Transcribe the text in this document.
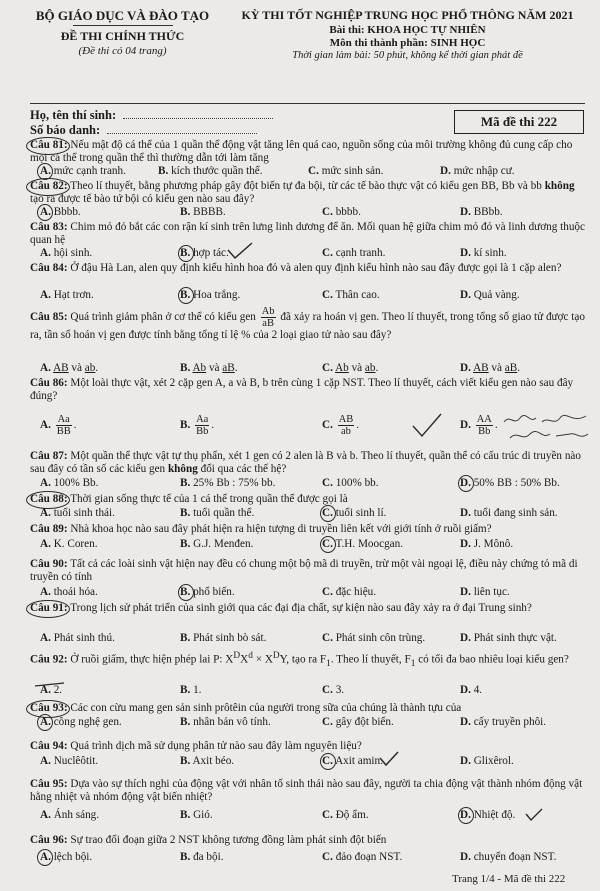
BỘ GIÁO DỤC VÀ ĐÀO TẠO
ĐỀ THI CHÍNH THỨC
(Đề thi có 04 trang)
KỲ THI TỐT NGHIỆP TRUNG HỌC PHỔ THÔNG NĂM 2021
Bài thi: KHOA HỌC TỰ NHIÊN
Môn thi thành phần: SINH HỌC
Thời gian làm bài: 50 phút, không kể thời gian phát đề
Họ, tên thí sinh:
Số báo danh:
Mã đề thi 222
Câu 81: Nếu mật độ cá thể của 1 quần thể động vật tăng lên quá cao, nguồn sống của môi trường không đủ cung cấp cho mọi cá thể trong quần thể thì thường dẫn tới làm tăng
A. mức cạnh tranh.	B. kích thước quần thể.	C. mức sinh sản.	D. mức nhập cư.
Câu 82: Theo lí thuyết, bằng phương pháp gây đột biến tự đa bội, từ các tế bào thực vật có kiểu gen BB, Bb và bb không tạo ra được tế bào tứ bội có kiểu gen nào sau đây?
A. Bbbb.	B. BBBB.	C. bbbb.	D. BBbb.
Câu 83: Chim mỏ đỏ bắt các con rận kí sinh trên lưng linh dương để ăn. Mối quan hệ giữa chim mỏ đỏ và linh dương thuộc quan hệ
A. hội sinh.	B. hợp tác.	C. cạnh tranh.	D. kí sinh.
Câu 84: Ở đậu Hà Lan, alen quy định kiểu hình hoa đỏ và alen quy định kiểu hình nào sau đây được gọi là 1 cặp alen?
A. Hạt trơn.	B. Hoa trắng.	C. Thân cao.	D. Quả vàng.
Câu 85: Quá trình giảm phân ở cơ thể có kiểu gen $\frac{Ab}{aB}$ đã xảy ra hoán vị gen. Theo lí thuyết, trong tổng số giao tử được tạo ra, tần số hoán vị gen được tính bằng tổng tỉ lệ % của 2 loại giao tử nào sau đây?
A. AB và ab.	B. Ab và aB.	C. Ab và ab.	D. AB và aB.
Câu 86: Một loài thực vật, xét 2 cặp gen A, a và B, b trên cùng 1 cặp NST. Theo lí thuyết, cách viết kiểu gen nào sau đây đúng?
A. $\frac{Aa}{BB}$ .	B. $\frac{Aa}{Bb}$ .	C. $\frac{AB}{ab}$ .	D. $\frac{AA}{Bb}$ .
Câu 87: Một quần thể thực vật tự thụ phấn, xét 1 gen có 2 alen là B và b. Theo lí thuyết, quần thể có cấu trúc di truyền nào sau đây có tần số các kiểu gen không đổi qua các thế hệ?
A. 100% Bb.	B. 25% Bb : 75% bb.	C. 100% bb.	D. 50% BB : 50% Bb.
Câu 88: Thời gian sống thực tế của 1 cá thể trong quần thể được gọi là
A. tuổi sinh thái.	B. tuổi quần thể.	C. tuổi sinh lí.	D. tuổi đang sinh sản.
Câu 89: Nhà khoa học nào sau đây phát hiện ra hiện tượng di truyền liên kết với giới tính ở ruồi giấm?
A. K. Coren.	B. G.J. Menđen.	C. T.H. Moocgan.	D. J. Mônô.
Câu 90: Tất cả các loài sinh vật hiện nay đều có chung một bộ mã di truyền, trừ một vài ngoại lệ, điều này chứng tỏ mã di truyền có tính
A. thoái hóa.	B. phổ biến.	C. đặc hiệu.	D. liên tục.
Câu 91: Trong lịch sử phát triển của sinh giới qua các đại địa chất, sự kiện nào sau đây xảy ra ở đại Trung sinh?
A. Phát sinh thú.	B. Phát sinh bò sát.	C. Phát sinh côn trùng.	D. Phát sinh thực vật.
Câu 92: Ở ruồi giấm, thực hiện phép lai P: $X^DX^d \times X^DY$, tạo ra $F_1$. Theo lí thuyết, $F_1$ có tối đa bao nhiêu loại kiểu gen?
A. 2.	B. 1.	C. 3.	D. 4.
Câu 93: Các con cừu mang gen sản sinh prôtêin của người trong sữa của chúng là thành tựu của
A. công nghệ gen.	B. nhân bản vô tính.	C. gây đột biến.	D. cấy truyền phôi.
Câu 94: Quá trình dịch mã sử dụng phân tử nào sau đây làm nguyên liệu?
A. Nuclêôtit.	B. Axit béo.	C. Axit amin.	D. Glixêrol.
Câu 95: Dựa vào sự thích nghi của động vật với nhân tố sinh thái nào sau đây, người ta chia động vật thành nhóm động vật hằng nhiệt và nhóm động vật biến nhiệt?
A. Ánh sáng.	B. Gió.	C. Độ ẩm.	D. Nhiệt độ.
Câu 96: Sự trao đổi đoạn giữa 2 NST không tương đồng làm phát sinh đột biến
A. lệch bội.	B. đa bội.	C. đảo đoạn NST.	D. chuyển đoạn NST.
Trang 1/4 - Mã đề thi 222
